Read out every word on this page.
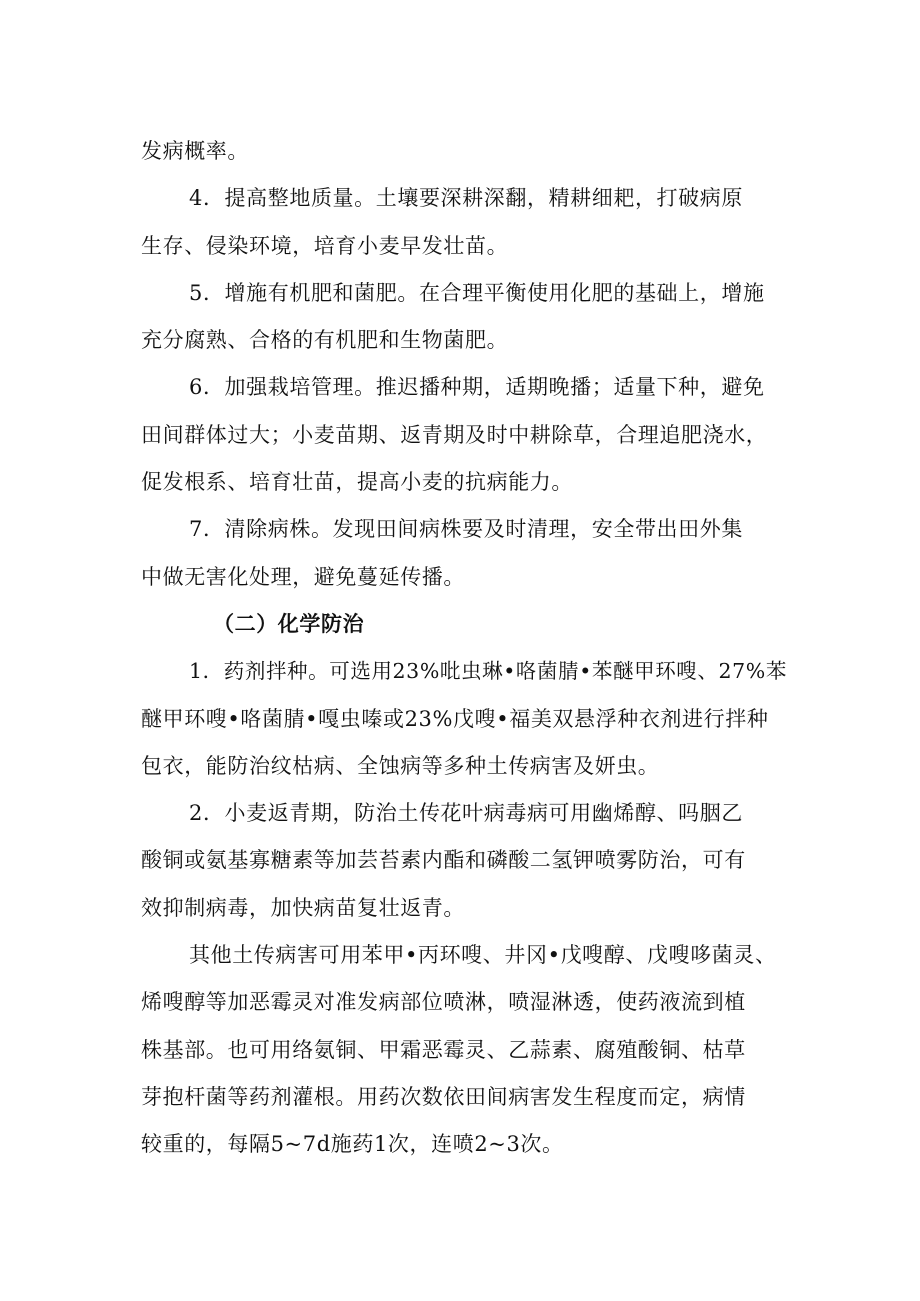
发病概率。

4．提高整地质量。土壤要深耕深翻，精耕细耙，打破病原
生存、侵染环境，培育小麦早发壮苗。

5．增施有机肥和菌肥。在合理平衡使用化肥的基础上，增施
充分腐熟、合格的有机肥和生物菌肥。

6．加强栽培管理。推迟播种期，适期晚播；适量下种，避免
田间群体过大；小麦苗期、返青期及时中耕除草，合理追肥浇水，
促发根系、培育壮苗，提高小麦的抗病能力。

7．清除病株。发现田间病株要及时清理，安全带出田外集
中做无害化处理，避免蔓延传播。

（二）化学防治

1．药剂拌种。可选用23%吡虫琳•咯菌腈•苯醚甲环嗖、27%苯
醚甲环嗖•咯菌腈•嘎虫嗪或23%戊嗖•福美双悬浮种衣剂进行拌种
包衣，能防治纹枯病、全蚀病等多种土传病害及妍虫。

2．小麦返青期，防治土传花叶病毒病可用幽烯醇、吗胭乙
酸铜或氨基寡糖素等加芸苔素内酯和磷酸二氢钾喷雾防治，可有
效抑制病毒，加快病苗复壮返青。

其他土传病害可用苯甲•丙环嗖、井冈•戊嗖醇、戊嗖哆菌灵、
烯嗖醇等加恶霉灵对准发病部位喷淋，喷湿淋透，使药液流到植
株基部。也可用络氨铜、甲霜恶霉灵、乙蒜素、腐殖酸铜、枯草
芽抱杆菌等药剂灌根。用药次数依田间病害发生程度而定，病情
较重的，每隔5~7d施药1次，连喷2~3次。
